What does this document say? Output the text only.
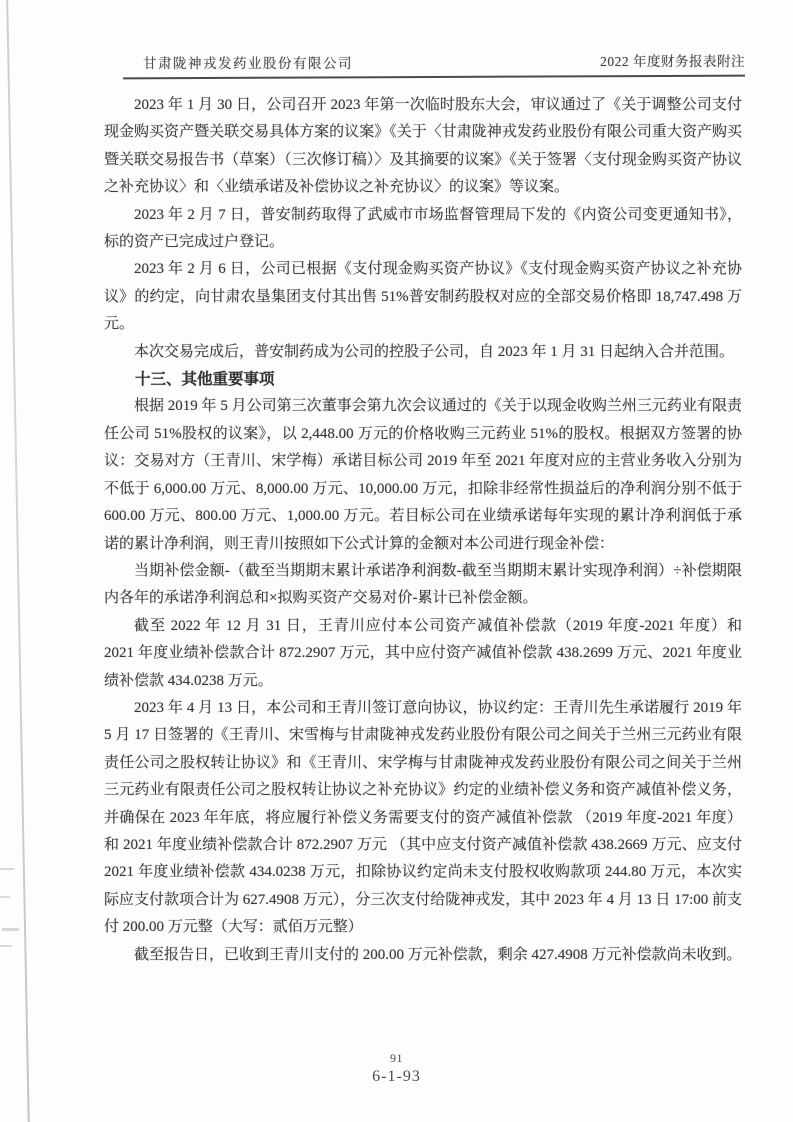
甘肃陇神戎发药业股份有限公司	2022 年度财务报表附注

2023 年 1 月 30 日，公司召开 2023 年第一次临时股东大会，审议通过了《关于调整公司支付现金购买资产暨关联交易具体方案的议案》《关于〈甘肃陇神戎发药业股份有限公司重大资产购买暨关联交易报告书（草案）（三次修订稿）〉及其摘要的议案》《关于签署〈支付现金购买资产协议之补充协议〉和〈业绩承诺及补偿协议之补充协议〉的议案》等议案。

2023 年 2 月 7 日，普安制药取得了武威市市场监督管理局下发的《内资公司变更通知书》，标的资产已完成过户登记。

2023 年 2 月 6 日，公司已根据《支付现金购买资产协议》《支付现金购买资产协议之补充协议》的约定，向甘肃农垦集团支付其出售 51%普安制药股权对应的全部交易价格即 18,747.498 万元。

本次交易完成后，普安制药成为公司的控股子公司，自 2023 年 1 月 31 日起纳入合并范围。

十三、其他重要事项

根据 2019 年 5 月公司第三次董事会第九次会议通过的《关于以现金收购兰州三元药业有限责任公司 51%股权的议案》，以 2,448.00 万元的价格收购三元药业 51%的股权。根据双方签署的协议：交易对方（王青川、宋学梅）承诺目标公司 2019 年至 2021 年度对应的主营业务收入分别为不低于 6,000.00 万元、8,000.00 万元、10,000.00 万元，扣除非经常性损益后的净利润分别不低于 600.00 万元、800.00 万元、1,000.00 万元。若目标公司在业绩承诺每年实现的累计净利润低于承诺的累计净利润，则王青川按照如下公式计算的金额对本公司进行现金补偿：

当期补偿金额-（截至当期期末累计承诺净利润数-截至当期期末累计实现净利润）÷补偿期限内各年的承诺净利润总和×拟购买资产交易对价-累计已补偿金额。

截至 2022 年 12 月 31 日，王青川应付本公司资产减值补偿款（2019 年度-2021 年度）和 2021 年度业绩补偿款合计 872.2907 万元，其中应付资产减值补偿款 438.2699 万元、2021 年度业绩补偿款 434.0238 万元。

2023 年 4 月 13 日，本公司和王青川签订意向协议，协议约定：王青川先生承诺履行 2019 年 5 月 17 日签署的《王青川、宋雪梅与甘肃陇神戎发药业股份有限公司之间关于兰州三元药业有限责任公司之股权转让协议》和《王青川、宋学梅与甘肃陇神戎发药业股份有限公司之间关于兰州三元药业有限责任公司之股权转让协议之补充协议》约定的业绩补偿义务和资产减值补偿义务，并确保在 2023 年年底，将应履行补偿义务需要支付的资产减值补偿款 （2019 年度-2021 年度）和 2021 年度业绩补偿款合计 872.2907 万元 （其中应支付资产减值补偿款 438.2669 万元、应支付 2021 年度业绩补偿款 434.0238 万元，扣除协议约定尚未支付股权收购款项 244.80 万元，本次实际应支付款项合计为 627.4908 万元），分三次支付给陇神戎发，其中 2023 年 4 月 13 日 17:00 前支付 200.00 万元整（大写：贰佰万元整）

截至报告日，已收到王青川支付的 200.00 万元补偿款，剩余 427.4908 万元补偿款尚未收到。

91
6-1-93
